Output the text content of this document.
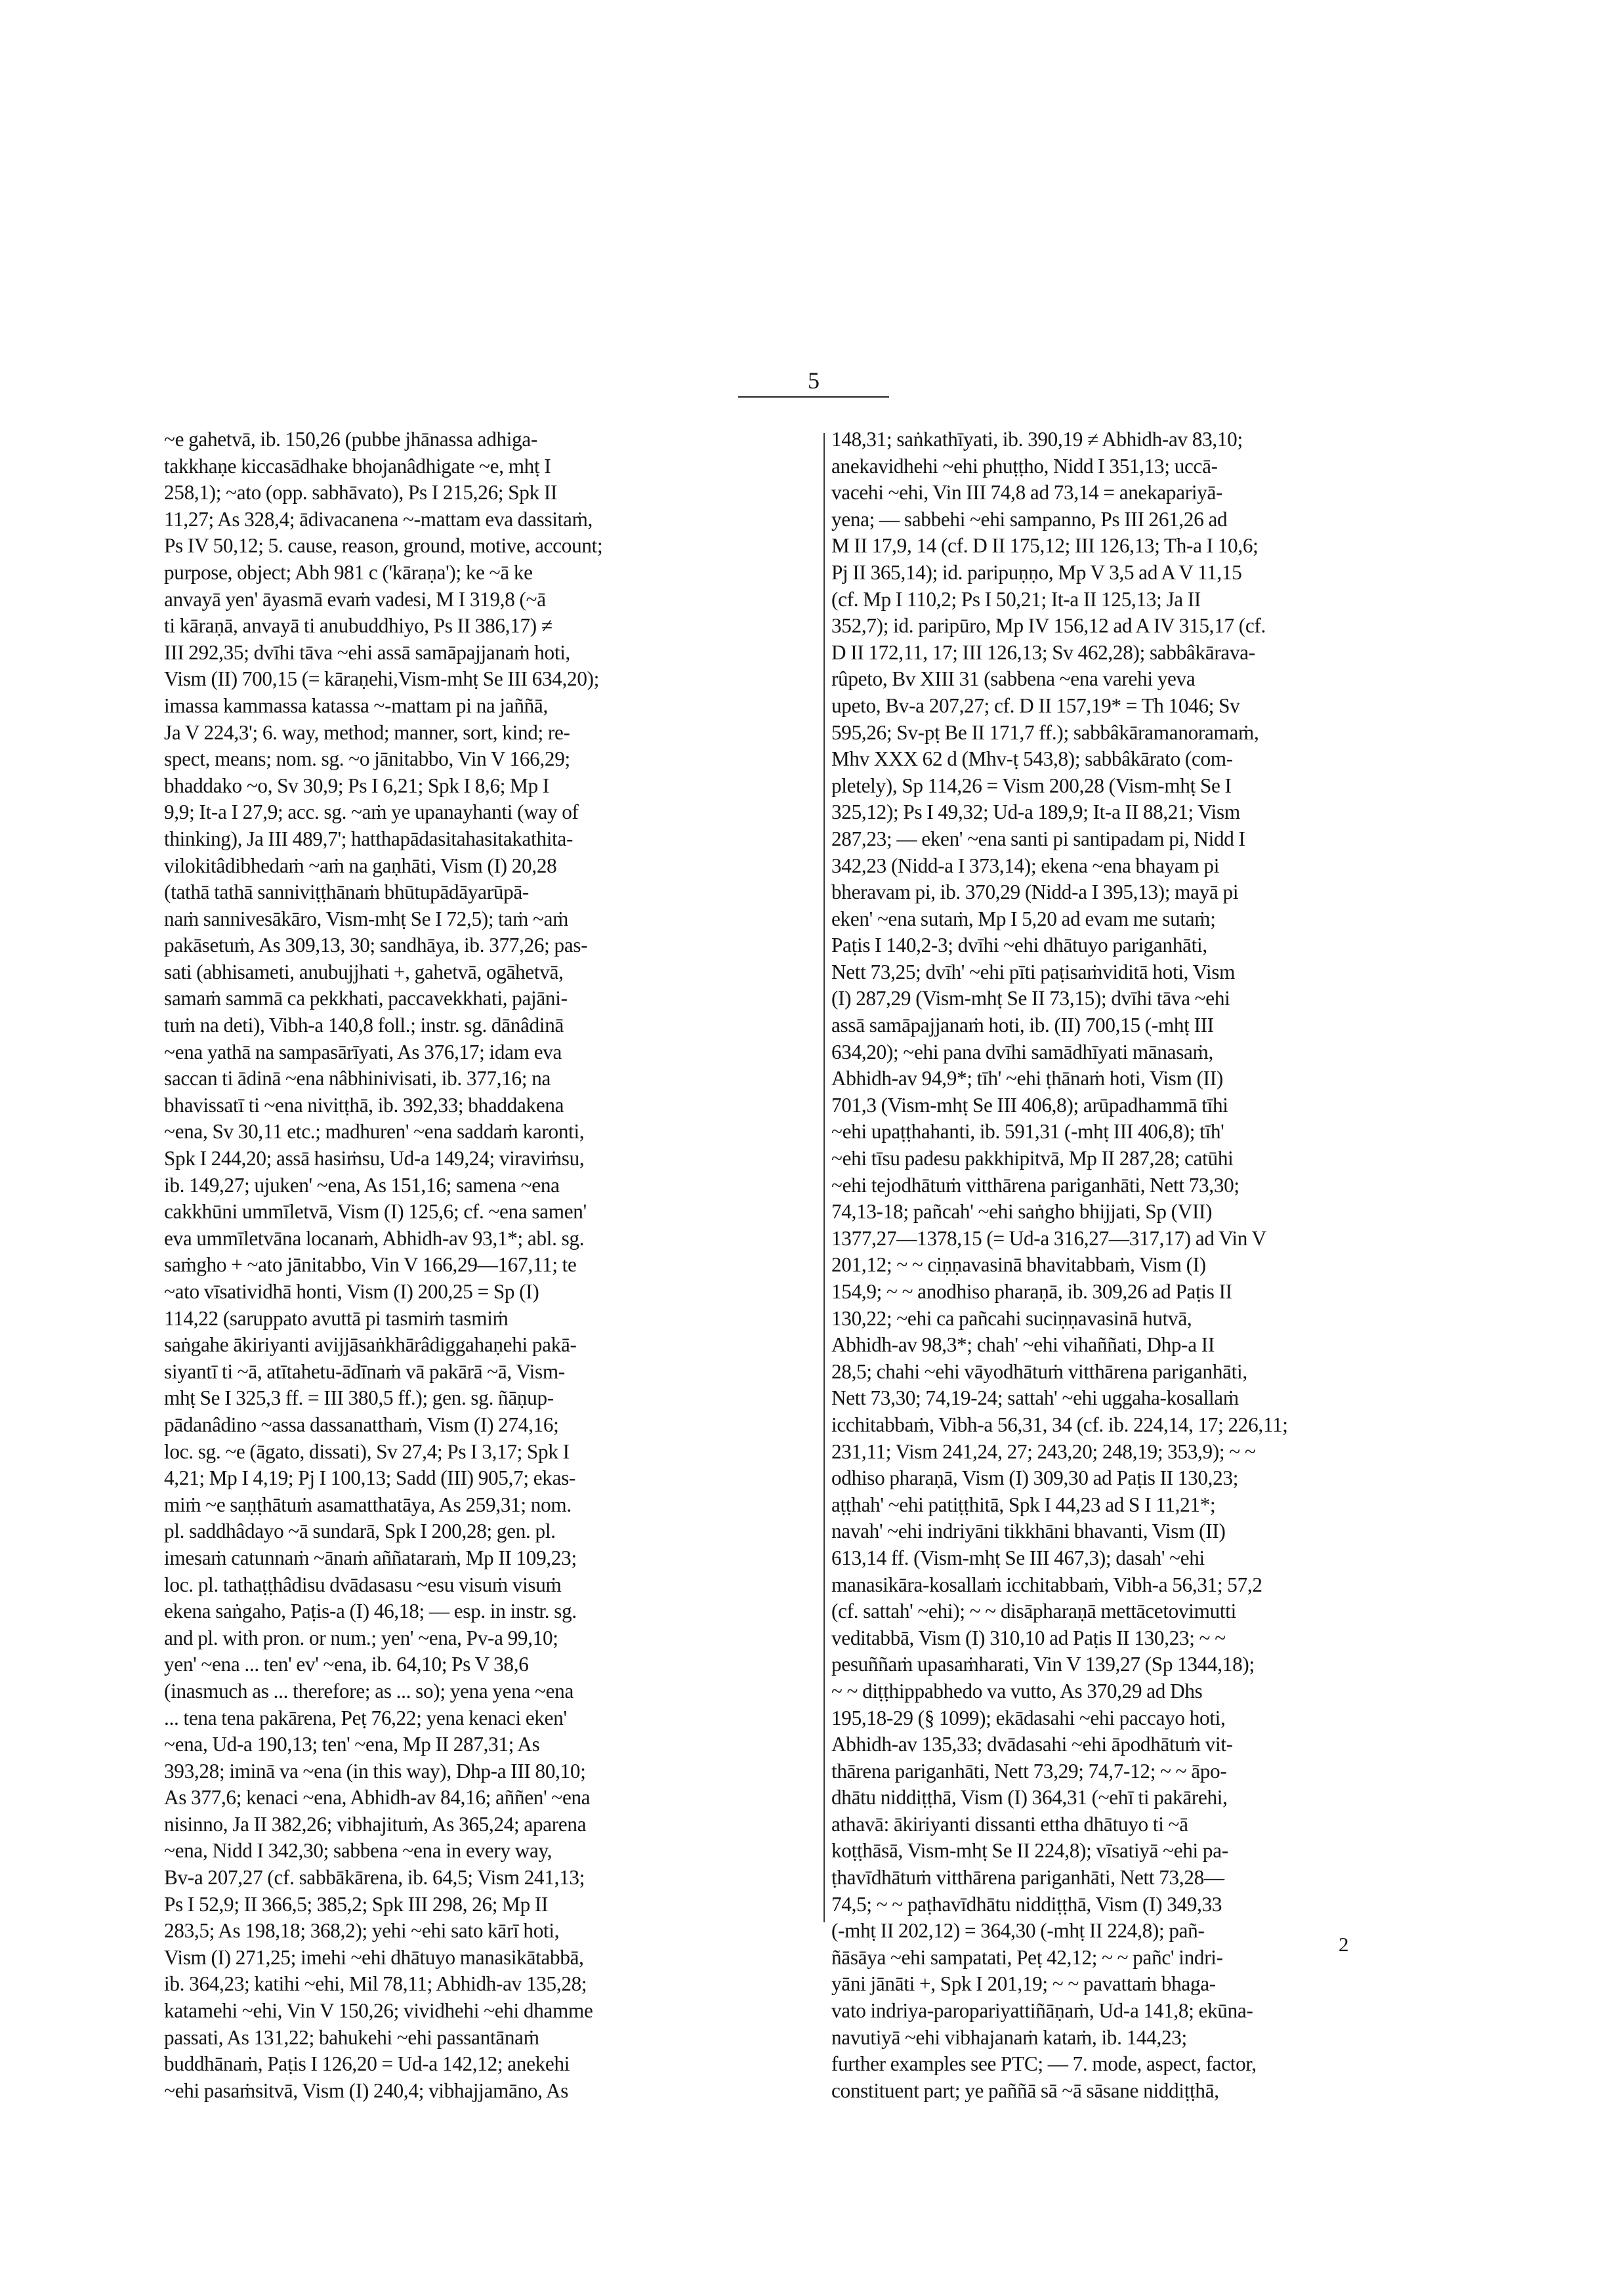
5
~e gahetvā, ib. 150,26 (pubbe jhānassa adhiga-
takkhaṇe kiccasādhake bhojanâdhigate ~e, mhṭ I
258,1); ~ato (opp. sabhāvato), Ps I 215,26; Spk II
11,27; As 328,4; ādivacanena ~-mattam eva dassitaṁ,
Ps IV 50,12; 5. cause, reason, ground, motive, account;
purpose, object; Abh 981 c ('kāraṇa'); ke ~ā ke
anvayā yen' āyasmā evaṁ vadesi, M I 319,8 (~ā
ti kāraṇā, anvayā ti anubuddhiyo, Ps II 386,17) ≠
III 292,35; dvīhi tāva ~ehi assā samāpajjanaṁ hoti,
Vism (II) 700,15 (= kāraṇehi,Vism-mhṭ Se III 634,20);
imassa kammassa katassa ~-mattam pi na jaññā,
Ja V 224,3'; 6. way, method; manner, sort, kind; re-
spect, means; nom. sg. ~o jānitabbo, Vin V 166,29;
bhaddako ~o, Sv 30,9; Ps I 6,21; Spk I 8,6; Mp I
9,9; It-a I 27,9; acc. sg. ~aṁ ye upanayhanti (way of
thinking), Ja III 489,7'; hatthapādasitahasitakathita-
vilokitâdibhedaṁ ~aṁ na gaṇhāti, Vism (I) 20,28
(tathā tathā sanniviṭṭhānaṁ bhūtupādāyarūpā-
naṁ sannivesākāro, Vism-mhṭ Se I 72,5); taṁ ~aṁ
pakāsetuṁ, As 309,13, 30; sandhāya, ib. 377,26; pas-
sati (abhisameti, anubujjhati +, gahetvā, ogāhetvā,
samaṁ sammā ca pekkhati, paccavekkhati, pajāni-
tuṁ na deti), Vibh-a 140,8 foll.; instr. sg. dānâdinā
~ena yathā na sampasārīyati, As 376,17; idam eva
saccan ti ādinā ~ena nâbhinivisati, ib. 377,16; na
bhavissatī ti ~ena nivitṭhā, ib. 392,33; bhaddakena
~ena, Sv 30,11 etc.; madhuren' ~ena saddaṁ karonti,
Spk I 244,20; assā hasiṁsu, Ud-a 149,24; viraviṁsu,
ib. 149,27; ujuken' ~ena, As 151,16; samena ~ena
cakkhūni ummīletvā, Vism (I) 125,6; cf. ~ena samen'
eva ummīletvāna locanaṁ, Abhidh-av 93,1*; abl. sg.
saṁgho + ~ato jānitabbo, Vin V 166,29—167,11; te
~ato vīsatividhā honti, Vism (I) 200,25 = Sp (I)
114,22 (saruppato avuttā pi tasmiṁ tasmiṁ
saṅgahe ākiriyanti avijjāsaṅkhārâdiggahaṇehi pakā-
siyantī ti ~ā, atītahetu-ādīnaṁ vā pakārā ~ā, Vism-
mhṭ Se I 325,3 ff. = III 380,5 ff.); gen. sg. ñāṇup-
pādanâdino ~assa dassanatthaṁ, Vism (I) 274,16;
loc. sg. ~e (āgato, dissati), Sv 27,4; Ps I 3,17; Spk I
4,21; Mp I 4,19; Pj I 100,13; Sadd (III) 905,7; ekas-
miṁ ~e saṇṭhātuṁ asamatthatāya, As 259,31; nom.
pl. saddhâdayo ~ā sundarā, Spk I 200,28; gen. pl.
imesaṁ catunnaṁ ~ānaṁ aññataraṁ, Mp II 109,23;
loc. pl. tathaṭṭhâdisu dvādasasu ~esu visuṁ visuṁ
ekena saṅgaho, Paṭis-a (I) 46,18; — esp. in instr. sg.
and pl. with pron. or num.; yen' ~ena, Pv-a 99,10;
yen' ~ena ... ten' ev' ~ena, ib. 64,10; Ps V 38,6
(inasmuch as ... therefore; as ... so); yena yena ~ena
... tena tena pakārena, Peṭ 76,22; yena kenaci eken'
~ena, Ud-a 190,13; ten' ~ena, Mp II 287,31; As
393,28; iminā va ~ena (in this way), Dhp-a III 80,10;
As 377,6; kenaci ~ena, Abhidh-av 84,16; aññen' ~ena
nisinno, Ja II 382,26; vibhajituṁ, As 365,24; aparena
~ena, Nidd I 342,30; sabbena ~ena in every way,
Bv-a 207,27 (cf. sabbākārena, ib. 64,5; Vism 241,13;
Ps I 52,9; II 366,5; 385,2; Spk III 298, 26; Mp II
283,5; As 198,18; 368,2); yehi ~ehi sato kārī hoti,
Vism (I) 271,25; imehi ~ehi dhātuyo manasikātabbā,
ib. 364,23; katihi ~ehi, Mil 78,11; Abhidh-av 135,28;
katamehi ~ehi, Vin V 150,26; vividhehi ~ehi dhamme
passati, As 131,22; bahukehi ~ehi passantānaṁ
buddhānaṁ, Paṭis I 126,20 = Ud-a 142,12; anekehi
~ehi pasaṁsitvā, Vism (I) 240,4; vibhajjamāno, As
148,31; saṅkathīyati, ib. 390,19 ≠ Abhidh-av 83,10;
anekavidhehi ~ehi phuṭṭho, Nidd I 351,13; uccā-
vacehi ~ehi, Vin III 74,8 ad 73,14 = anekapariyā-
yena; — sabbehi ~ehi sampanno, Ps III 261,26 ad
M II 17,9, 14 (cf. D II 175,12; III 126,13; Th-a I 10,6;
Pj II 365,14); id. paripuṇṇo, Mp V 3,5 ad A V 11,15
(cf. Mp I 110,2; Ps I 50,21; It-a II 125,13; Ja II
352,7); id. paripūro, Mp IV 156,12 ad A IV 315,17 (cf.
D II 172,11, 17; III 126,13; Sv 462,28); sabbâkārava-
rûpeto, Bv XIII 31 (sabbena ~ena varehi yeva
upeto, Bv-a 207,27; cf. D II 157,19* = Th 1046; Sv
595,26; Sv-pṭ Be II 171,7 ff.); sabbâkāramanoramaṁ,
Mhv XXX 62 d (Mhv-ṭ 543,8); sabbâkārato (com-
pletely), Sp 114,26 = Vism 200,28 (Vism-mhṭ Se I
325,12); Ps I 49,32; Ud-a 189,9; It-a II 88,21; Vism
287,23; — eken' ~ena santi pi santipadam pi, Nidd I
342,23 (Nidd-a I 373,14); ekena ~ena bhayam pi
bheravam pi, ib. 370,29 (Nidd-a I 395,13); mayā pi
eken' ~ena sutaṁ, Mp I 5,20 ad evam me sutaṁ;
Paṭis I 140,2-3; dvīhi ~ehi dhātuyo pariganhāti,
Nett 73,25; dvīh' ~ehi pīti paṭisaṁviditā hoti, Vism
(I) 287,29 (Vism-mhṭ Se II 73,15); dvīhi tāva ~ehi
assā samāpajjanaṁ hoti, ib. (II) 700,15 (-mhṭ III
634,20); ~ehi pana dvīhi samādhīyati mānasaṁ,
Abhidh-av 94,9*; tīh' ~ehi ṭhānaṁ hoti, Vism (II)
701,3 (Vism-mhṭ Se III 406,8); arūpadhammā tīhi
~ehi upaṭṭhahanti, ib. 591,31 (-mhṭ III 406,8); tīh'
~ehi tīsu padesu pakkhipitvā, Mp II 287,28; catūhi
~ehi tejodhātuṁ vitthārena pariganhāti, Nett 73,30;
74,13-18; pañcah' ~ehi saṅgho bhijjati, Sp (VII)
1377,27—1378,15 (= Ud-a 316,27—317,17) ad Vin V
201,12; ~ ~ ciṇṇavasinā bhavitabbaṁ, Vism (I)
154,9; ~ ~ anodhiso pharaṇā, ib. 309,26 ad Paṭis II
130,22; ~ehi ca pañcahi suciṇṇavasinā hutvā,
Abhidh-av 98,3*; chah' ~ehi vihaññati, Dhp-a II
28,5; chahi ~ehi vāyodhātuṁ vitthārena pariganhāti,
Nett 73,30; 74,19-24; sattah' ~ehi uggaha-kosallaṁ
icchitabbaṁ, Vibh-a 56,31, 34 (cf. ib. 224,14, 17; 226,11;
231,11; Vism 241,24, 27; 243,20; 248,19; 353,9); ~ ~
odhiso pharaṇā, Vism (I) 309,30 ad Paṭis II 130,23;
aṭṭhah' ~ehi patiṭṭhitā, Spk I 44,23 ad S I 11,21*;
navah' ~ehi indriyāni tikkhāni bhavanti, Vism (II)
613,14 ff. (Vism-mhṭ Se III 467,3); dasah' ~ehi
manasikāra-kosallaṁ icchitabbaṁ, Vibh-a 56,31; 57,2
(cf. sattah' ~ehi); ~ ~ disāpharaṇā mettācetovimutti
veditabbā, Vism (I) 310,10 ad Paṭis II 130,23; ~ ~
pesuññaṁ upasaṁharati, Vin V 139,27 (Sp 1344,18);
~ ~ diṭṭhippabhedo va vutto, As 370,29 ad Dhs
195,18-29 (§ 1099); ekādasahi ~ehi paccayo hoti,
Abhidh-av 135,33; dvādasahi ~ehi āpodhātuṁ vit-
thārena pariganhāti, Nett 73,29; 74,7-12; ~ ~ āpo-
dhātu niddiṭṭhā, Vism (I) 364,31 (~ehī ti pakārehi,
athavā: ākiriyanti dissanti ettha dhātuyo ti ~ā
koṭṭhāsā, Vism-mhṭ Se II 224,8); vīsatiyā ~ehi pa-
ṭhavīdhātuṁ vitthārena pariganhāti, Nett 73,28—
74,5; ~ ~ paṭhavīdhātu niddiṭṭhā, Vism (I) 349,33
(-mhṭ II 202,12) = 364,30 (-mhṭ II 224,8); pañ-
ñāsāya ~ehi sampatati, Peṭ 42,12; ~ ~ pañc' indri-
yāni jānāti +, Spk I 201,19; ~ ~ pavattaṁ bhaga-
vato indriya-paropariyattiñāṇaṁ, Ud-a 141,8; ekūna-
navutiyā ~ehi vibhajanaṁ kataṁ, ib. 144,23;
further examples see PTC; — 7. mode, aspect, factor,
constituent part; ye paññā sā ~ā sāsane niddiṭṭhā,
2
